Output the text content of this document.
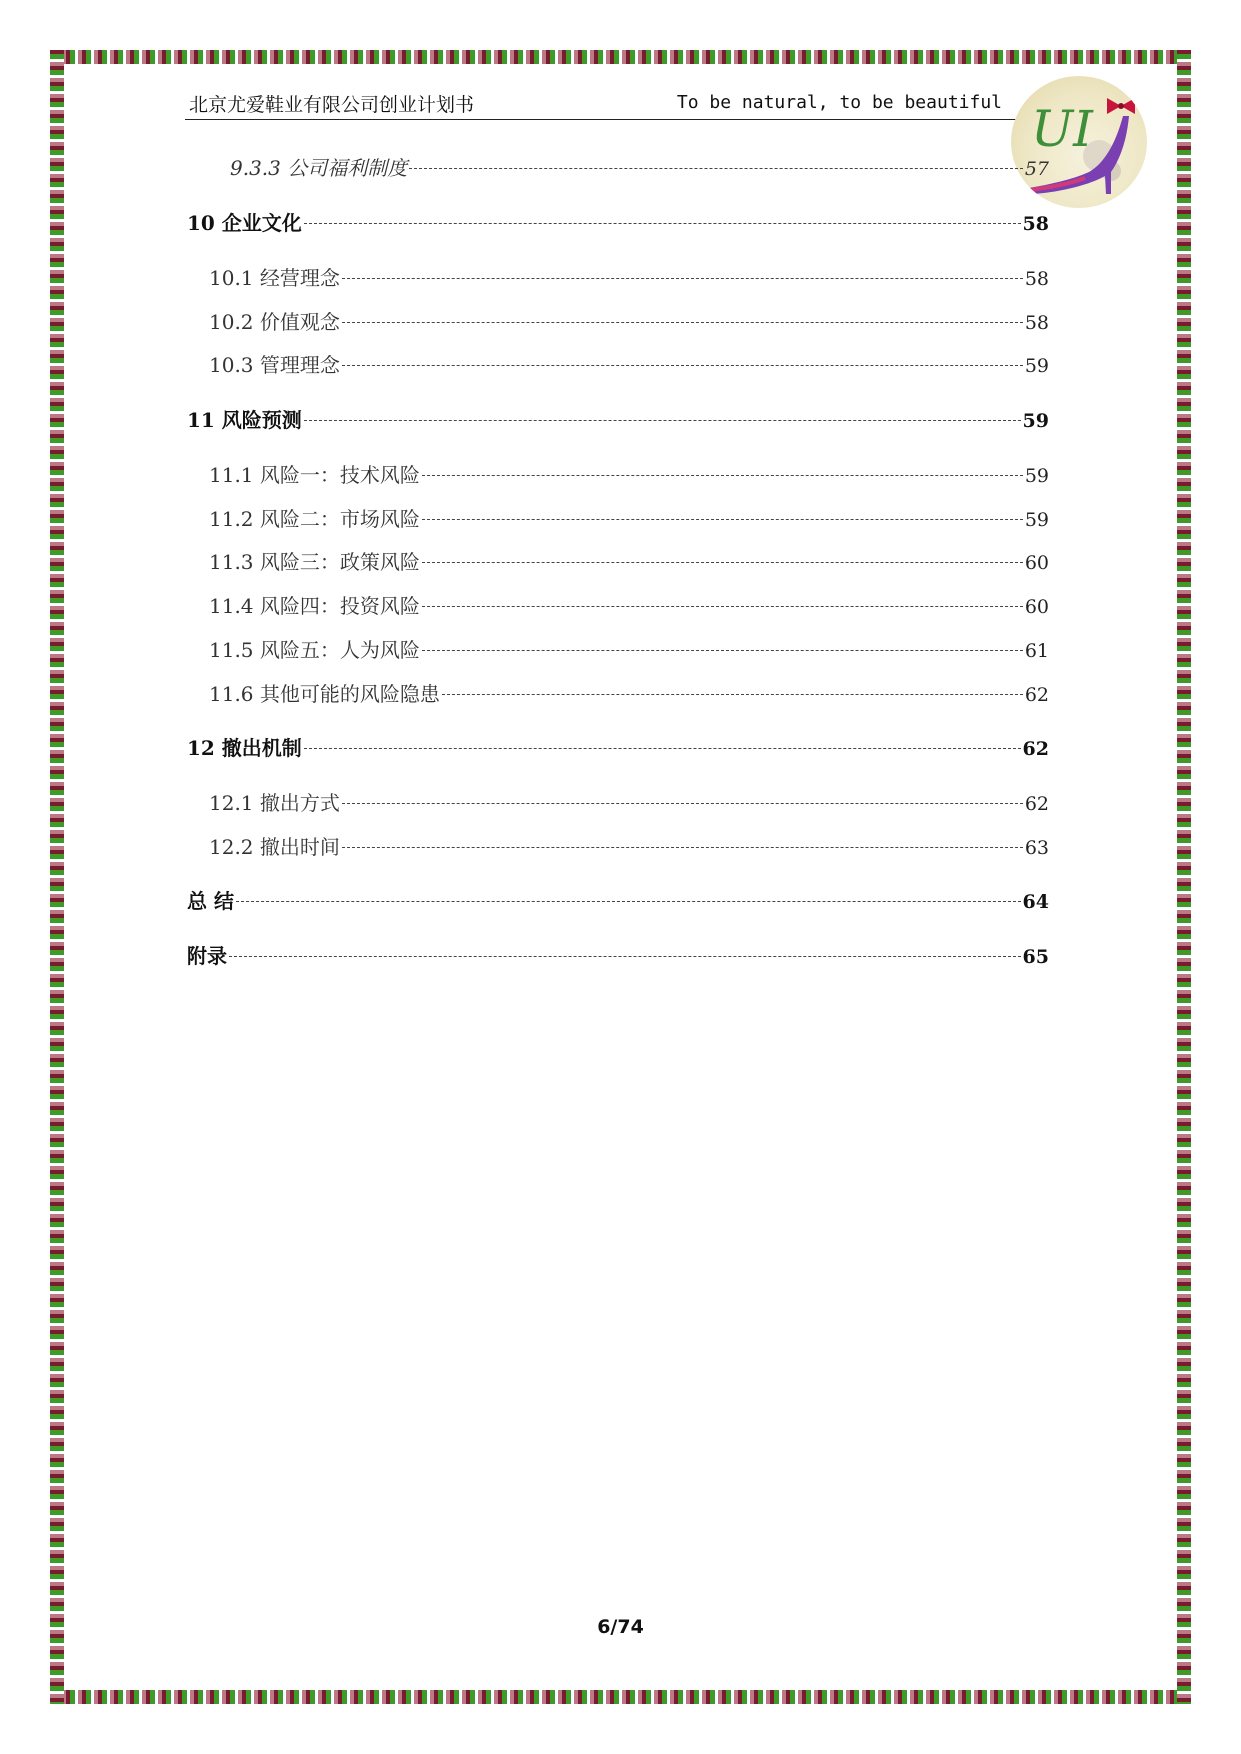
北京尤爱鞋业有限公司创业计划书	To be natural, to be beautiful UI
9.3.3 公司福利制度	57
10 企业文化	58
10.1 经营理念	58
10.2 价值观念	58
10.3 管理理念	59
11 风险预测	59
11.1 风险一：技术风险	59
11.2 风险二：市场风险	59
11.3 风险三：政策风险	60
11.4 风险四：投资风险	60
11.5 风险五：人为风险	61
11.6 其他可能的风险隐患	62
12 撤出机制	62
12.1 撤出方式	62
12.2 撤出时间	63
总 结	64
附录	65
6/74
